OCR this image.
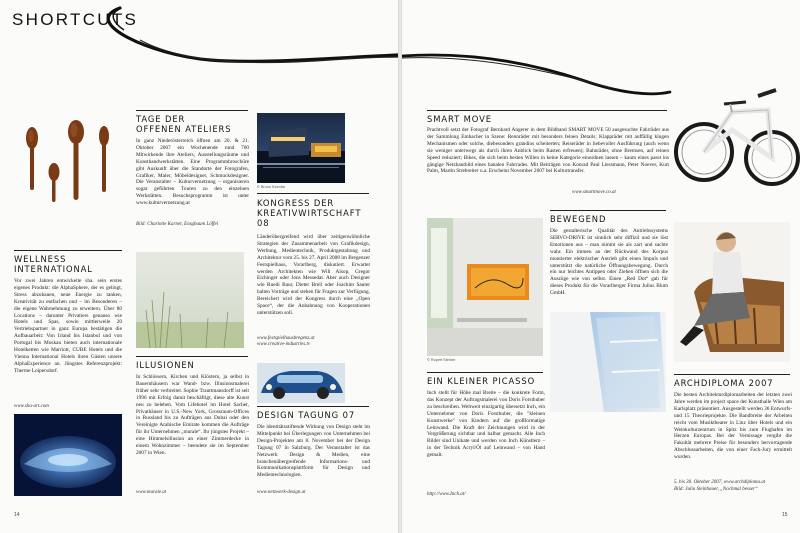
SHORTCUTS
TAGE DER
OFFENEN ATELIERS
In ganz Niederösterreich öffnen am 20. & 21. Oktober 2007 ein Wochenende rund 700 Mitwirkende ihre Ateliers, Ausstellungsräume und Kunsthandwerkstätten. Eine Programmbroschüre gibt Auskunft über die Standorte der Fotografen, Grafiker, Maler, Möbeldesigner, Schmuckdesigner. Die Veranstalter – Kulturvernetzung – organisieren sogar geführten Touren zu den einzelnen Werkstätten. Besuchsprogramm ist unter www.kulturvernetzung.at
Bild: Charlotte Karner, Ensgbaum Löffel
© Bruno Klomfar
KONGRESS DER
KREATIVWIRTSCHAFT
08
Länderübergreifend wird über zeitlgenwöhnliche Strategien der Zusammenarbeit von Grafikdesign, Werbung, Medientechnik, Produktgestaltung und Architektur vom 25. bis 27. April 2008 im Bregenzer Festspielhaus, Vorarlberg, diskutiert. Erwartet werden Architekten wie Will Alsop, Gregor Eichinger oder Jons Messedat. Aber auch Designer wie Ruedi Baur, Dieter Brell oder Joachim Sauter halten Vorträge und stehen für Fragen zur Verfügung. Bereichert wird der Kongress durch eine „Open Space“, der die Anbahnung von Kooperationen unterstützen soll.
www.festspielhausbregenz.at
www.creative-industries.tv
WELLNESS
INTERNATIONAL
Vor zwei Jahren entwickelte sha. sein erstes eigenes Produkt: die AlphaSphere, der es gelingt, Stress abzubauen, neue Energie zu tanken, Kreativität zu entfachen und – im Besonderen – die eigene Wahrnehmung zu erweitern. Über 80 Locations – darunter Privatiers genauso wie Hotels und Spas, sowie mittlerweile 20 Vertriebspartner in ganz Europa bestätigen die Aufbauarbeit: Von Irland bis Istanbul und von Portugal bis Moskau bieten auch internationale Hotelketten wie Marriott, CUBE Hotels und die Vienna International Hotels ihren Gästen unsere AlphaExperience an. Jüngstes Referenzprojekt: Therme Loipersdorf.
www.sha-art.com
ILLUSIONEN
In Schlössern, Kirchen und Klöstern, ja selbst in Bauernhäusern war Wand- bzw. Illusionsmalerei früher sehr verbreitet. Sophie Trauttmansdorff ist seit 1996 mit Erfolg damit beschäftigt, diese alte Kunst neu zu beleben. Vom Lifehotel im Hotel Sacher, Privathäuser in U.S.-New York, Grossraum-Offices in Russland bis zu Aufträgen aus Dubai oder den Vereinigte Arabische Emirate kommen die Aufträge für ihr Unternehmen „murale“. Ihr jüngstes Projekt – eine Himmelsillusion an einer Zimmerdecke in einem Wohnzimmer – beendete sie im September 2007 in Wien.
www.murale.at
DESIGN TAGUNG 07
Die identitätsstiftende Wirkung von Design steht im Mittelpunkt bei Überlegungen von Unternehmen bei Design-Projekten am 8. November bei der Design Tagung 07 in Salzburg. Der Veranstalter ist das Netzwerk Design & Medien, eine branchenübergreifende Informations- und Kommunikationsplattform für Design und Medientechnologien.
www.netzwerk-design.at
14
SMART MOVE
Prachtvoll setzt der Fotograf Bernhard Angerer in dem Bildband SMART MOVE 50 ausgesuchte Fahrräder aus der Sammlung Embacher in Szene: Rennräder mit besonders feinen Details; Klappräder mit auffällig klugen Mechanismen oder solche, diebesonders grandios scheiterten; Reiseräder in liebevoller Ausführung (auch wenn sie weniger unterwegs als durch ihren Anblick beim Rasten erfreuen); Bahnräder, ohne Bremsen, auf reinen Speed reduziert; Bikes, die sich beim besten Willen in keine Kategorie einordnen lassen – kaum eines passt ins gängige Netzhautbild eines banalen Fahrrades. Mit Beiträgen von Konrad Paul Liessmann, Peter Noever, Kurt Palm, Martin Strebreiter u.a. Erscheint November 2007 bei Kulturtransfer.
www.smartmove.co.at
© Rupert Steiner
BEWEGEND
Die gestalterische Qualität des Antriebssystems SERVO-DRIVE ist sinnlich sehr diffizil und sie löst Emotionen aus – man nimmt sie als zart und sachte wahr. Ein immen an der Rückwand des Korpus montierter elektrischer Antrieb gibt einen Impuls und unterstützt die natürliche Öffnungsbewegung. Durch ein nur leichtes Antippen oder Ziehen öffnen sich die Auszüge wie von selbst. Einen „Red Dot“ gab für dieses Produkt für die Vorarlberger Firma Julius Blum GmbH.
EIN KLEINER PICASSO
Inch stellt für Höhe mal Breite – die konkrete Form, das Konzept der Auftragsmalerei von Doris Forsthuber zu beschreiben. Weltweit einzigartig übersetzt Inch, ein Unternehmer von Doris Forsthuber, die "kleinen Kunstwerke" von Kindern auf die großformatige Leinwand. Die Kraft der Zeichnungen wird in der Vergrößerung sichtbar und halbar gemacht. Alle Inch Bilder sind Unikate und werden von Inch Künstlern – in der Technik Acryl/Öl auf Leinwand – von Hand gemalt.
http://www.Inch.at/
ARCHDIPLOMA 2007
Die besten Architekturdiplomarbeiten der letzten zwei Jahre werden im project space der Kunsthalle Wien am Karlsplatz präsentiert. Ausgestellt werden 36 Entwurfs- und 15 Theorieprojekte. Die Bandbreite der Arbeiten reicht vom Musiktheater in Linz über Hotels und ein Weinkulturzentrum in Spitz bis zum Flughafen im Herzen Europas. Bei der Vernissage vergibt die Fakultät mehrere Preise für besonders hervorragende Abschlussarbeiten, die von einer Fach-Jury ermittelt wurden.
5. bis 30. Oktober 2007, www.archdiploma.at
Bild: Julia Steinhauer, „Nochmal besser“
15
